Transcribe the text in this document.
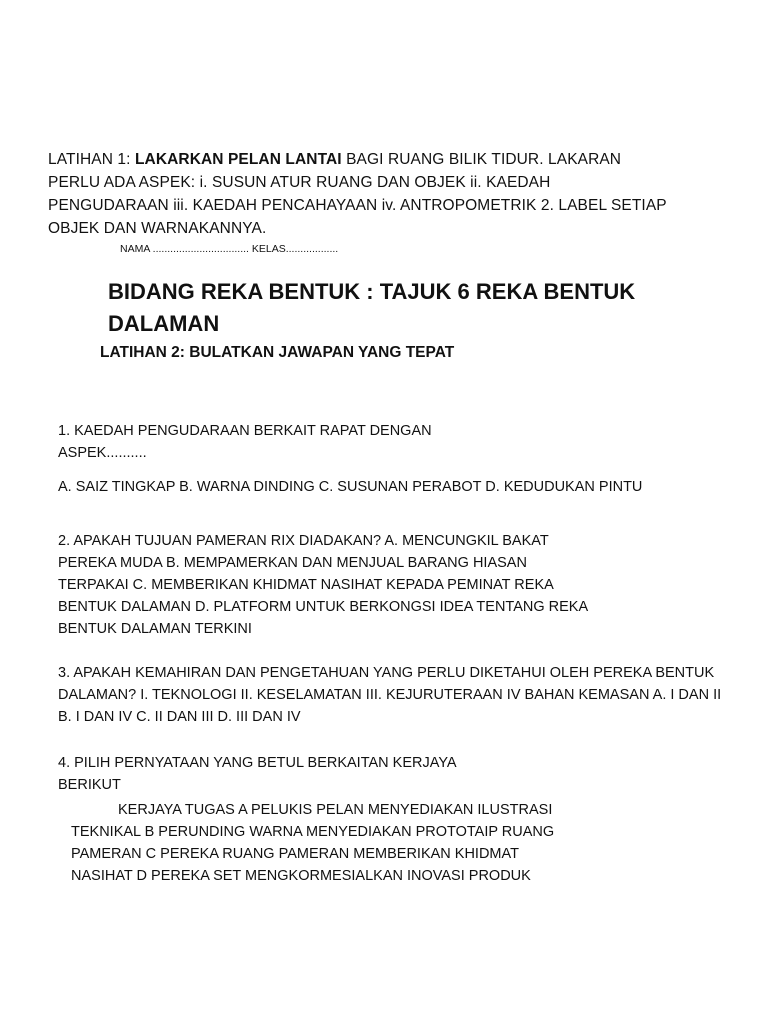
LATIHAN 1: LAKARKAN PELAN LANTAI BAGI RUANG BILIK TIDUR. LAKARAN PERLU ADA ASPEK: i. SUSUN ATUR RUANG DAN OBJEK ii. KAEDAH PENGUDARAAN iii. KAEDAH PENCAHAYAAN iv. ANTROPOMETRIK 2. LABEL SETIAP OBJEK DAN WARNAKANNYA.

NAMA ................................. KELAS..................

BIDANG REKA BENTUK : TAJUK 6 REKA BENTUK DALAMAN
LATIHAN 2: BULATKAN JAWAPAN YANG TEPAT

1. KAEDAH PENGUDARAAN BERKAIT RAPAT DENGAN ASPEK..........

A. SAIZ TINGKAP B. WARNA DINDING C. SUSUNAN PERABOT D. KEDUDUKAN PINTU

2. APAKAH TUJUAN PAMERAN RIX DIADAKAN? A. MENCUNGKIL BAKAT PEREKA MUDA B. MEMPAMERKAN DAN MENJUAL BARANG HIASAN TERPAKAI C. MEMBERIKAN KHIDMAT NASIHAT KEPADA PEMINAT REKA BENTUK DALAMAN D. PLATFORM UNTUK BERKONGSI IDEA TENTANG REKA BENTUK DALAMAN TERKINI

3. APAKAH KEMAHIRAN DAN PENGETAHUAN YANG PERLU DIKETAHUI OLEH PEREKA BENTUK DALAMAN? I. TEKNOLOGI II. KESELAMATAN III. KEJURUTERAAN IV BAHAN KEMASAN A. I DAN II B. I DAN IV C. II DAN III D. III DAN IV

4. PILIH PERNYATAAN YANG BETUL BERKAITAN KERJAYA BERIKUT

KERJAYA TUGAS A PELUKIS PELAN MENYEDIAKAN ILUSTRASI
TEKNIKAL B PERUNDING WARNA MENYEDIAKAN PROTOTAIP RUANG PAMERAN C PEREKA RUANG PAMERAN MEMBERIKAN KHIDMAT NASIHAT D PEREKA SET MENGKORMESIALKAN INOVASI PRODUK
